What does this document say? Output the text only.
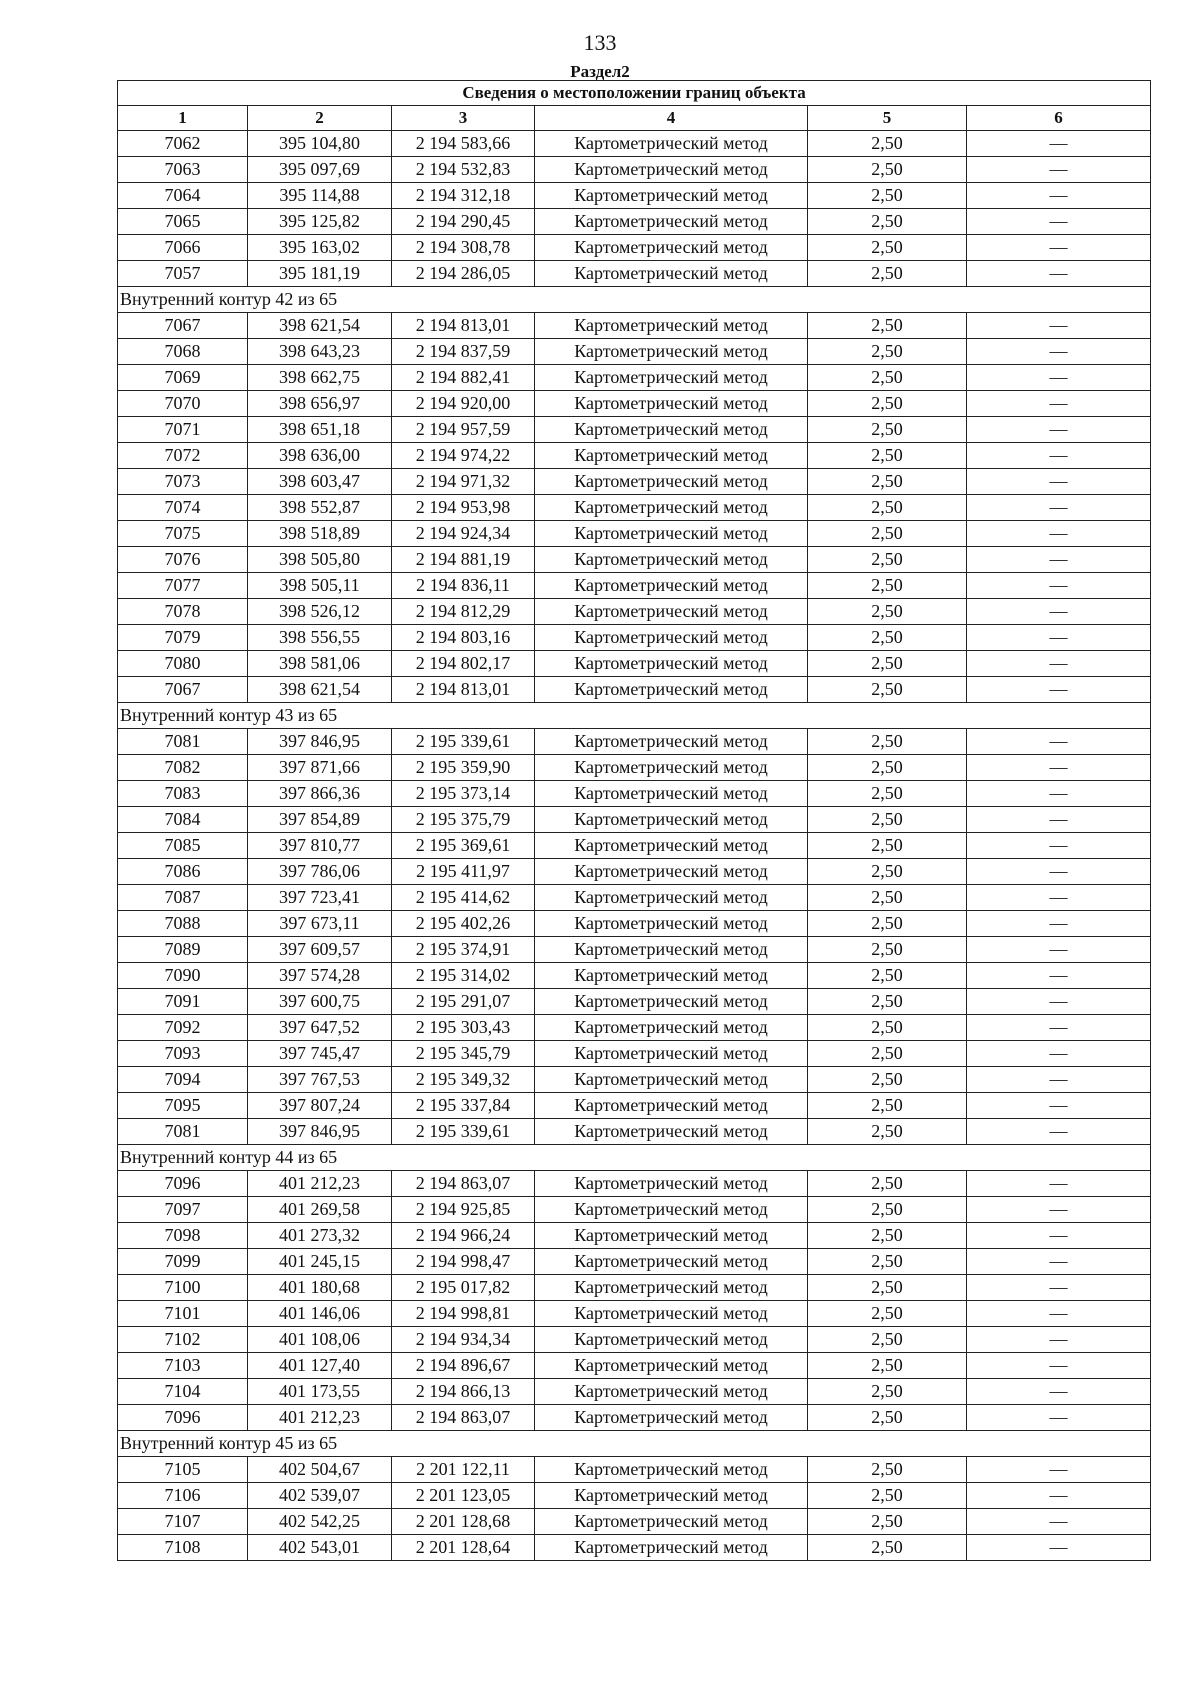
133
Раздел2
Сведения о местоположении границ объекта					
1	2	3	4	5	6
7062	395 104,80	2 194 583,66	Картометрический метод	2,50	—
7063	395 097,69	2 194 532,83	Картометрический метод	2,50	—
7064	395 114,88	2 194 312,18	Картометрический метод	2,50	—
7065	395 125,82	2 194 290,45	Картометрический метод	2,50	—
7066	395 163,02	2 194 308,78	Картометрический метод	2,50	—
7057	395 181,19	2 194 286,05	Картометрический метод	2,50	—
Внутренний контур 42 из 65					
7067	398 621,54	2 194 813,01	Картометрический метод	2,50	—
7068	398 643,23	2 194 837,59	Картометрический метод	2,50	—
7069	398 662,75	2 194 882,41	Картометрический метод	2,50	—
7070	398 656,97	2 194 920,00	Картометрический метод	2,50	—
7071	398 651,18	2 194 957,59	Картометрический метод	2,50	—
7072	398 636,00	2 194 974,22	Картометрический метод	2,50	—
7073	398 603,47	2 194 971,32	Картометрический метод	2,50	—
7074	398 552,87	2 194 953,98	Картометрический метод	2,50	—
7075	398 518,89	2 194 924,34	Картометрический метод	2,50	—
7076	398 505,80	2 194 881,19	Картометрический метод	2,50	—
7077	398 505,11	2 194 836,11	Картометрический метод	2,50	—
7078	398 526,12	2 194 812,29	Картометрический метод	2,50	—
7079	398 556,55	2 194 803,16	Картометрический метод	2,50	—
7080	398 581,06	2 194 802,17	Картометрический метод	2,50	—
7067	398 621,54	2 194 813,01	Картометрический метод	2,50	—
Внутренний контур 43 из 65					
7081	397 846,95	2 195 339,61	Картометрический метод	2,50	—
7082	397 871,66	2 195 359,90	Картометрический метод	2,50	—
7083	397 866,36	2 195 373,14	Картометрический метод	2,50	—
7084	397 854,89	2 195 375,79	Картометрический метод	2,50	—
7085	397 810,77	2 195 369,61	Картометрический метод	2,50	—
7086	397 786,06	2 195 411,97	Картометрический метод	2,50	—
7087	397 723,41	2 195 414,62	Картометрический метод	2,50	—
7088	397 673,11	2 195 402,26	Картометрический метод	2,50	—
7089	397 609,57	2 195 374,91	Картометрический метод	2,50	—
7090	397 574,28	2 195 314,02	Картометрический метод	2,50	—
7091	397 600,75	2 195 291,07	Картометрический метод	2,50	—
7092	397 647,52	2 195 303,43	Картометрический метод	2,50	—
7093	397 745,47	2 195 345,79	Картометрический метод	2,50	—
7094	397 767,53	2 195 349,32	Картометрический метод	2,50	—
7095	397 807,24	2 195 337,84	Картометрический метод	2,50	—
7081	397 846,95	2 195 339,61	Картометрический метод	2,50	—
Внутренний контур 44 из 65					
7096	401 212,23	2 194 863,07	Картометрический метод	2,50	—
7097	401 269,58	2 194 925,85	Картометрический метод	2,50	—
7098	401 273,32	2 194 966,24	Картометрический метод	2,50	—
7099	401 245,15	2 194 998,47	Картометрический метод	2,50	—
7100	401 180,68	2 195 017,82	Картометрический метод	2,50	—
7101	401 146,06	2 194 998,81	Картометрический метод	2,50	—
7102	401 108,06	2 194 934,34	Картометрический метод	2,50	—
7103	401 127,40	2 194 896,67	Картометрический метод	2,50	—
7104	401 173,55	2 194 866,13	Картометрический метод	2,50	—
7096	401 212,23	2 194 863,07	Картометрический метод	2,50	—
Внутренний контур 45 из 65					
7105	402 504,67	2 201 122,11	Картометрический метод	2,50	—
7106	402 539,07	2 201 123,05	Картометрический метод	2,50	—
7107	402 542,25	2 201 128,68	Картометрический метод	2,50	—
7108	402 543,01	2 201 128,64	Картометрический метод	2,50	—
